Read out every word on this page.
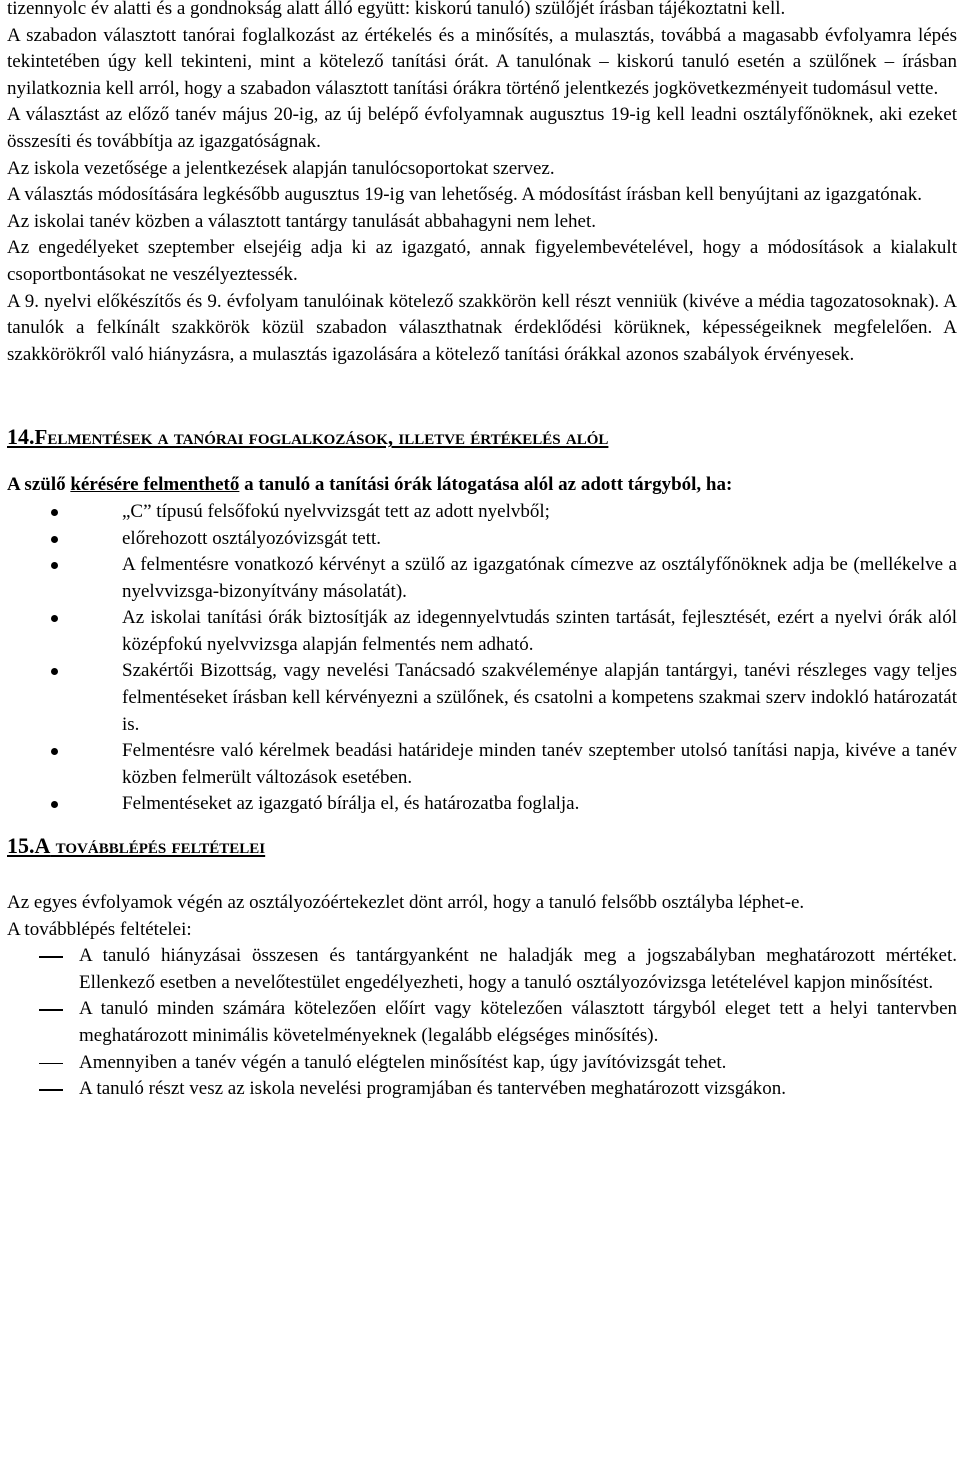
tizennyolc év alatti és a gondnokság alatt álló együtt: kiskorú tanuló) szülőjét írásban tájékoztatni kell.

A szabadon választott tanórai foglalkozást az értékelés és a minősítés, a mulasztás, továbbá a magasabb évfolyamra lépés tekintetében úgy kell tekinteni, mint a kötelező tanítási órát. A tanulónak – kiskorú tanuló esetén a szülőnek – írásban nyilatkoznia kell arról, hogy a szabadon választott tanítási órákra történő jelentkezés jogkövetkezményeit tudomásul vette.

A választást az előző tanév május 20-ig, az új belépő évfolyamnak augusztus 19-ig kell leadni osztályfőnöknek, aki ezeket összesíti és továbbítja az igazgatóságnak.

Az iskola vezetősége a jelentkezések alapján tanulócsoportokat szervez.

A választás módosítására legkésőbb augusztus 19-ig van lehetőség. A módosítást írásban kell benyújtani az igazgatónak.

Az iskolai tanév közben a választott tantárgy tanulását abbahagyni nem lehet.

Az engedélyeket szeptember elsejéig adja ki az igazgató, annak figyelembevételével, hogy a módosítások a kialakult csoportbontásokat ne veszélyeztessék.

A 9. nyelvi előkészítős és 9. évfolyam tanulóinak kötelező szakkörön kell részt venniük (kivéve a média tagozatosoknak). A tanulók a felkínált szakkörök közül szabadon választhatnak érdeklődési körüknek, képességeiknek megfelelően. A szakkörökről való hiányzásra, a mulasztás igazolására a kötelező tanítási órákkal azonos szabályok érvényesek.

14.Felmentések a tanórai foglalkozások, illetve értékelés alól

A szülő kérésére felmenthető a tanuló a tanítási órák látogatása alól az adott tárgyból, ha:

„C” típusú felsőfokú nyelvvizsgát tett az adott nyelvből;
előrehozott osztályozóvizsgát tett.
A felmentésre vonatkozó kérvényt a szülő az igazgatónak címezve az osztályfőnöknek adja be (mellékelve a nyelvvizsga-bizonyítvány másolatát).
Az iskolai tanítási órák biztosítják az idegennyelvtudás szinten tartását, fejlesztését, ezért a nyelvi órák alól középfokú nyelvvizsga alapján felmentés nem adható.
Szakértői Bizottság, vagy nevelési Tanácsadó szakvéleménye alapján tantárgyi, tanévi részleges vagy teljes felmentéseket írásban kell kérvényezni a szülőnek, és csatolni a kompetens szakmai szerv indokló határozatát is.
Felmentésre való kérelmek beadási határideje minden tanév szeptember utolsó tanítási napja, kivéve a tanév közben felmerült változások esetében.
Felmentéseket az igazgató bírálja el, és határozatba foglalja.
15.A továbblépés feltételei

Az egyes évfolyamok végén az osztályozóértekezlet dönt arról, hogy a tanuló felsőbb osztályba léphet-e.

A továbblépés feltételei:

A tanuló hiányzásai összesen és tantárgyanként ne haladják meg a jogszabályban meghatározott mértéket. Ellenkező esetben a nevelőtestület engedélyezheti, hogy a tanuló osztályozóvizsga letételével kapjon minősítést.
A tanuló minden számára kötelezően előírt vagy kötelezően választott tárgyból eleget tett a helyi tantervben meghatározott minimális követelményeknek (legalább elégséges minősítés).
Amennyiben a tanév végén a tanuló elégtelen minősítést kap, úgy javítóvizsgát tehet.
A tanuló részt vesz az iskola nevelési programjában és tantervében meghatározott vizsgákon.
